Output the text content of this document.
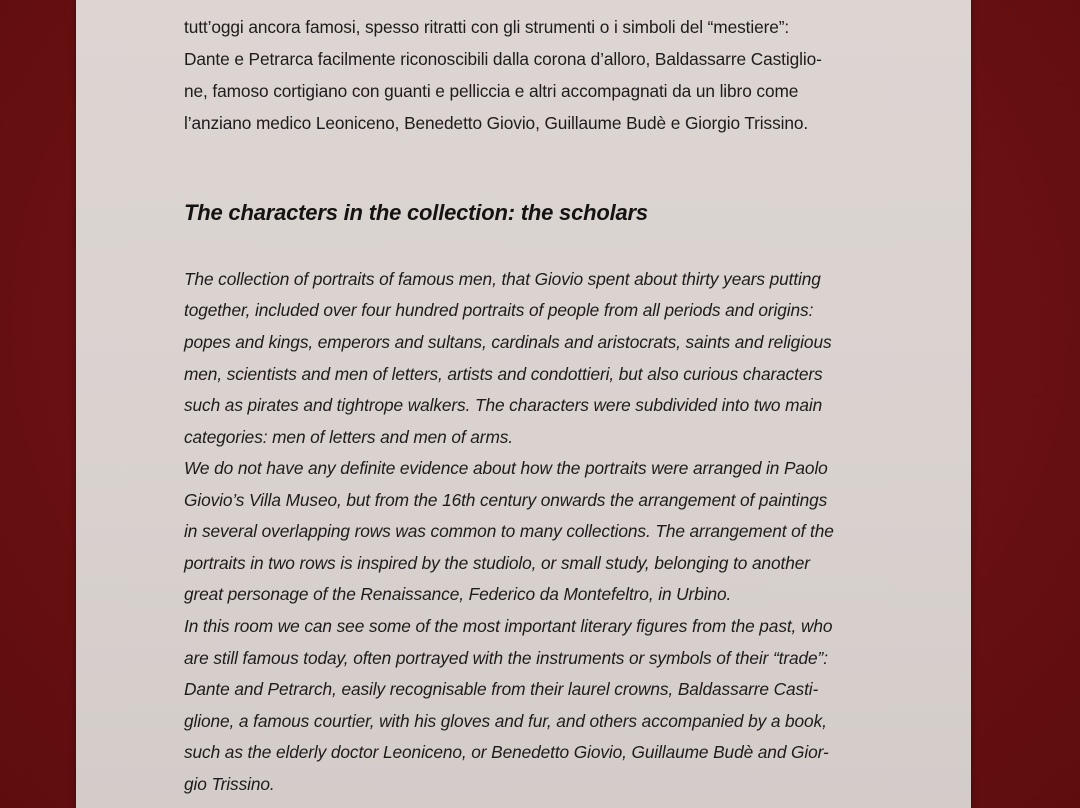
tutt’oggi ancora famosi, spesso ritratti con gli strumenti o i simboli del “mestiere”:
Dante e Petrarca facilmente riconoscibili dalla corona d’alloro, Baldassarre Castiglio-
ne, famoso cortigiano con guanti e pelliccia e altri accompagnati da un libro come
l’anziano medico Leoniceno, Benedetto Giovio, Guillaume Budè e Giorgio Trissino.
The characters in the collection: the scholars
The collection of portraits of famous men, that Giovio spent about thirty years putting
together, included over four hundred portraits of people from all periods and origins:
popes and kings, emperors and sultans, cardinals and aristocrats, saints and religious
men, scientists and men of letters, artists and condottieri, but also curious characters
such as pirates and tightrope walkers. The characters were subdivided into two main
categories: men of letters and men of arms.
We do not have any definite evidence about how the portraits were arranged in Paolo
Giovio’s Villa Museo, but from the 16th century onwards the arrangement of paintings
in several overlapping rows was common to many collections. The arrangement of the
portraits in two rows is inspired by the studiolo, or small study, belonging to another
great personage of the Renaissance, Federico da Montefeltro, in Urbino.
In this room we can see some of the most important literary figures from the past, who
are still famous today, often portrayed with the instruments or symbols of their “trade”:
Dante and Petrarch, easily recognisable from their laurel crowns, Baldassarre Casti-
glione, a famous courtier, with his gloves and fur, and others accompanied by a book,
such as the elderly doctor Leoniceno, or Benedetto Giovio, Guillaume Budè and Gior-
gio Trissino.
